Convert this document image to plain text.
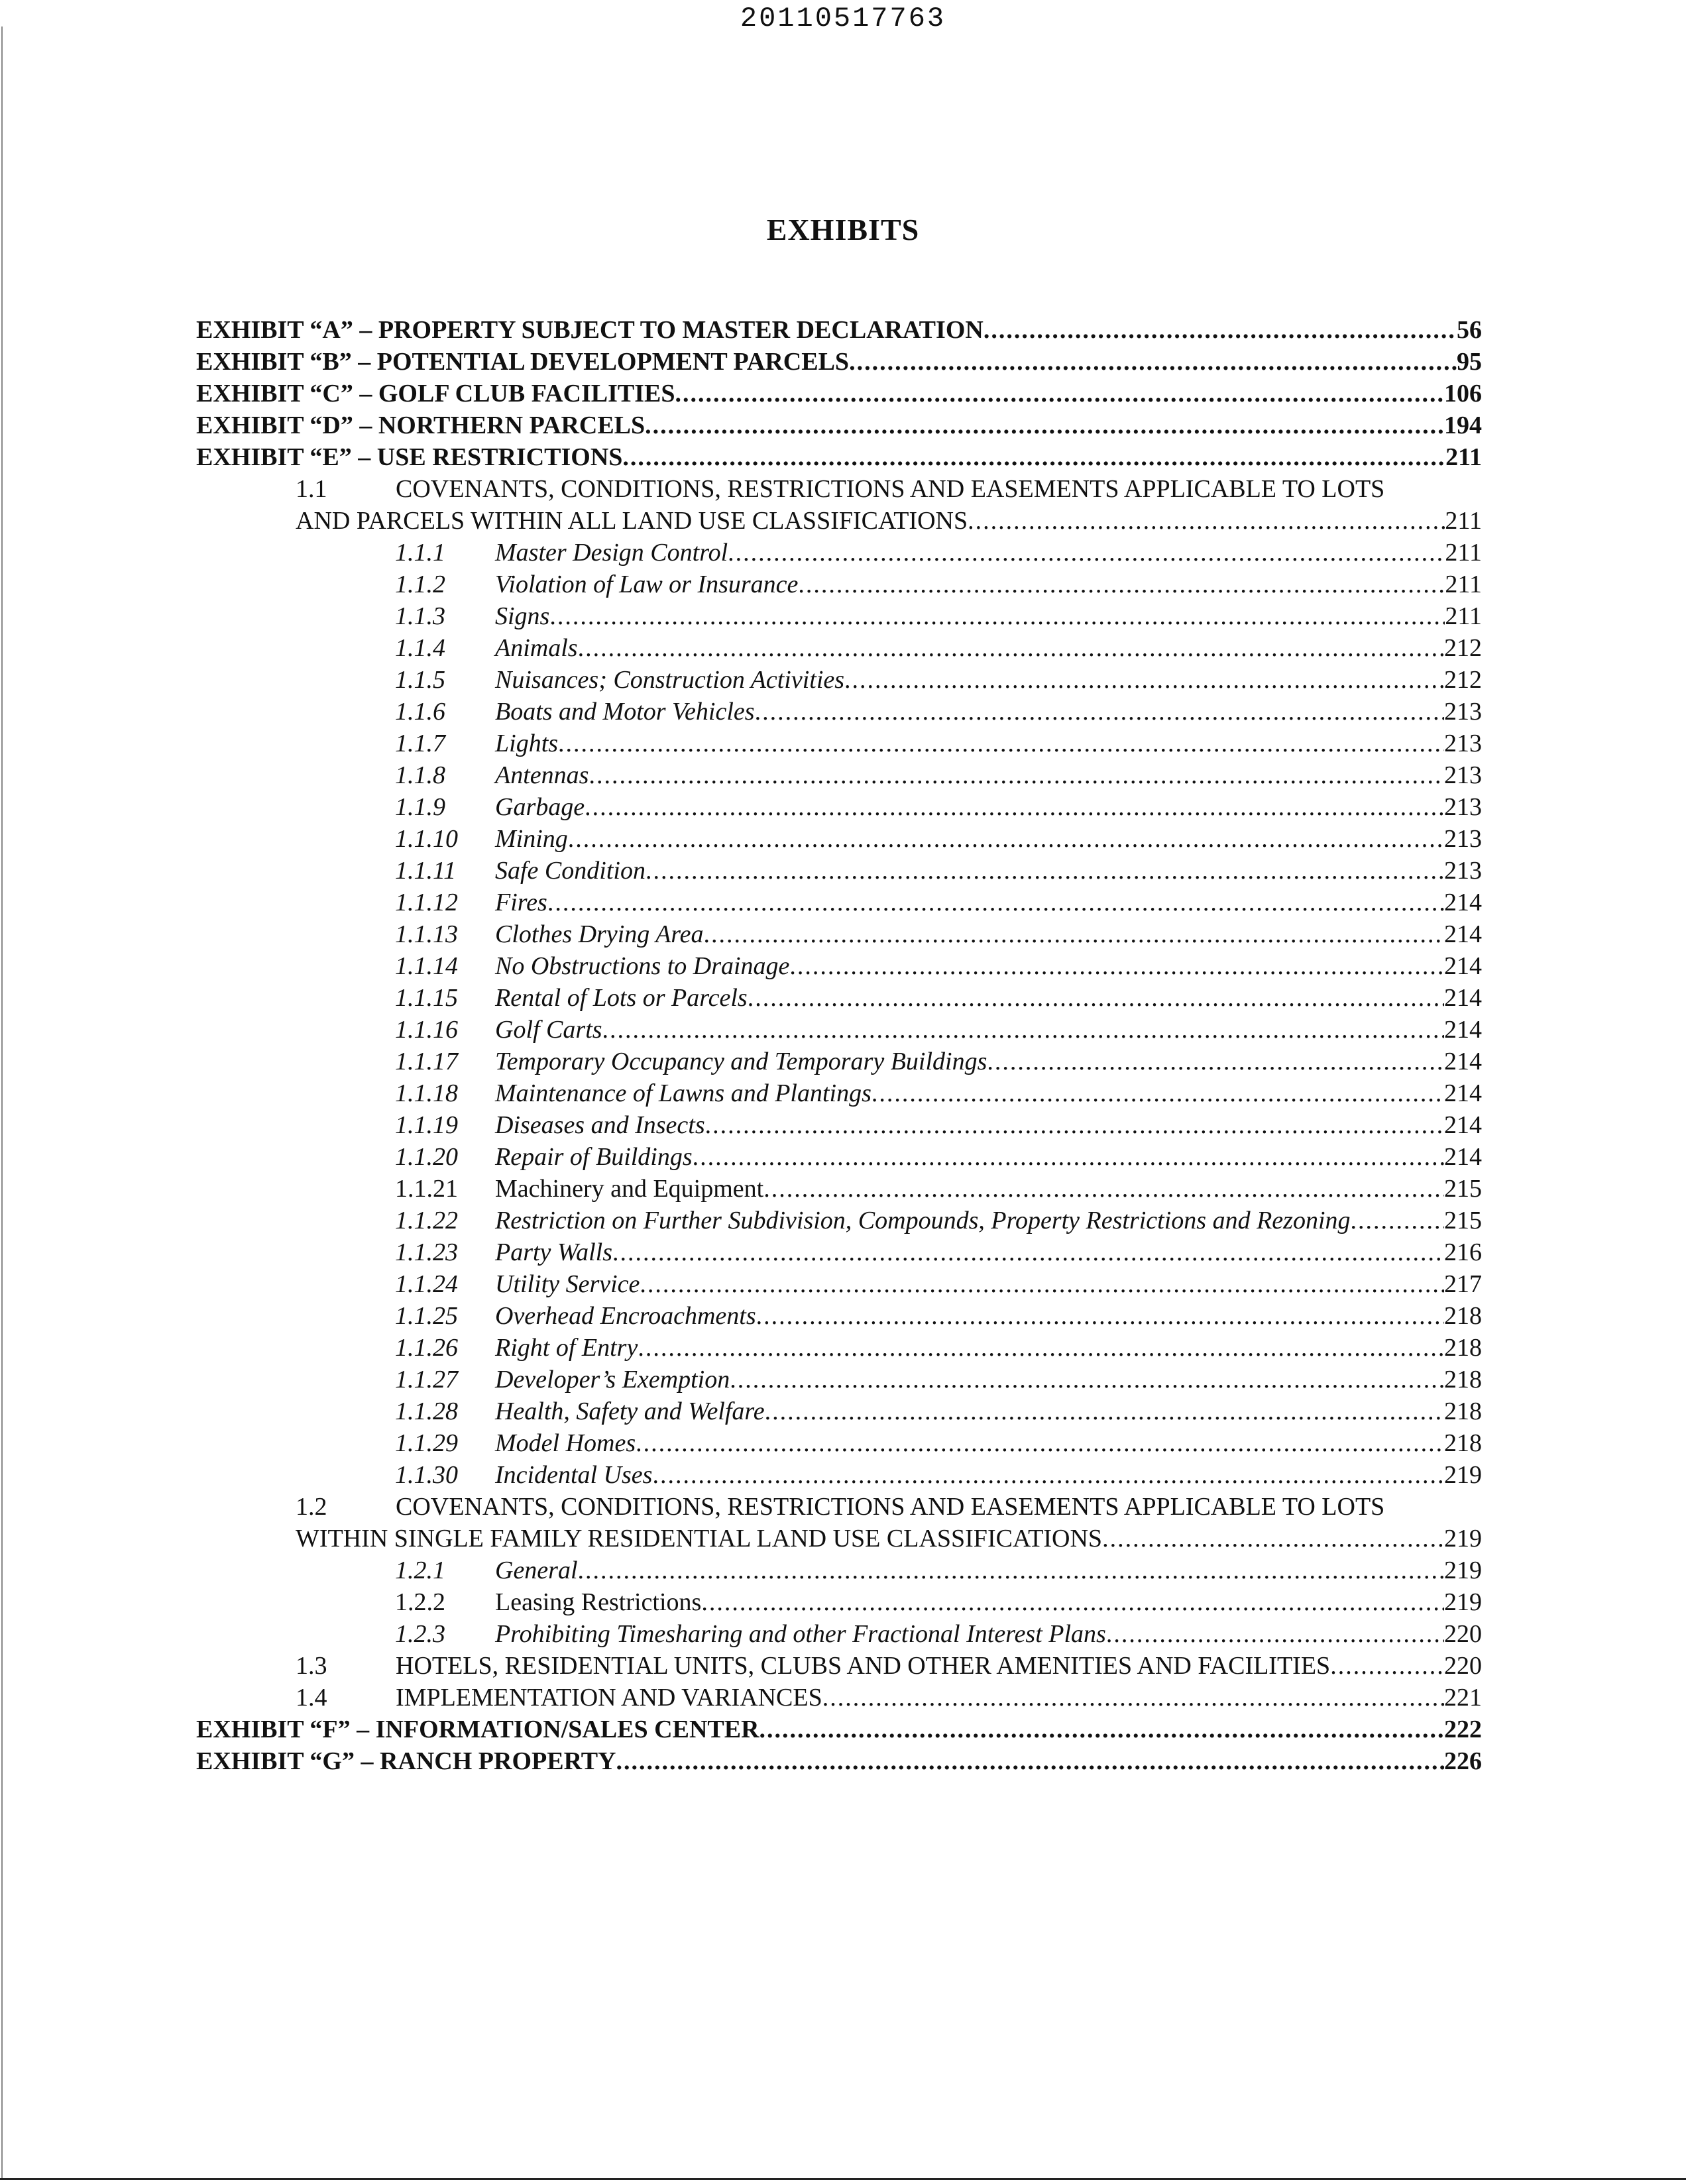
20110517763
EXHIBITS
EXHIBIT “A” – PROPERTY SUBJECT TO MASTER DECLARATION .....	56
EXHIBIT “B” – POTENTIAL DEVELOPMENT PARCELS .....	95
EXHIBIT “C” – GOLF CLUB FACILITIES .....	106
EXHIBIT “D” – NORTHERN PARCELS .....	194
EXHIBIT “E” – USE RESTRICTIONS .....	211
1.1	COVENANTS, CONDITIONS, RESTRICTIONS AND EASEMENTS APPLICABLE TO LOTS
AND PARCELS WITHIN ALL LAND USE CLASSIFICATIONS .....	211
1.1.1	Master Design Control .....	211
1.1.2	Violation of Law or Insurance .....	211
1.1.3	Signs .....	211
1.1.4	Animals .....	212
1.1.5	Nuisances; Construction Activities .....	212
1.1.6	Boats and Motor Vehicles .....	213
1.1.7	Lights .....	213
1.1.8	Antennas .....	213
1.1.9	Garbage .....	213
1.1.10	Mining .....	213
1.1.11	Safe Condition .....	213
1.1.12	Fires .....	214
1.1.13	Clothes Drying Area .....	214
1.1.14	No Obstructions to Drainage .....	214
1.1.15	Rental of Lots or Parcels .....	214
1.1.16	Golf Carts .....	214
1.1.17	Temporary Occupancy and Temporary Buildings .....	214
1.1.18	Maintenance of Lawns and Plantings .....	214
1.1.19	Diseases and Insects .....	214
1.1.20	Repair of Buildings .....	214
1.1.21	Machinery and Equipment .....	215
1.1.22	Restriction on Further Subdivision, Compounds, Property Restrictions and Rezoning .....	215
1.1.23	Party Walls .....	216
1.1.24	Utility Service .....	217
1.1.25	Overhead Encroachments .....	218
1.1.26	Right of Entry .....	218
1.1.27	Developer’s Exemption .....	218
1.1.28	Health, Safety and Welfare .....	218
1.1.29	Model Homes .....	218
1.1.30	Incidental Uses .....	219
1.2	COVENANTS, CONDITIONS, RESTRICTIONS AND EASEMENTS APPLICABLE TO LOTS
WITHIN SINGLE FAMILY RESIDENTIAL LAND USE CLASSIFICATIONS .....	219
1.2.1	General .....	219
1.2.2	Leasing Restrictions .....	219
1.2.3	Prohibiting Timesharing and other Fractional Interest Plans .....	220
1.3	HOTELS, RESIDENTIAL UNITS, CLUBS AND OTHER AMENITIES AND FACILITIES .....	220
1.4	IMPLEMENTATION AND VARIANCES .....	221
EXHIBIT “F” – INFORMATION/SALES CENTER .....	222
EXHIBIT “G” – RANCH PROPERTY .....	226
